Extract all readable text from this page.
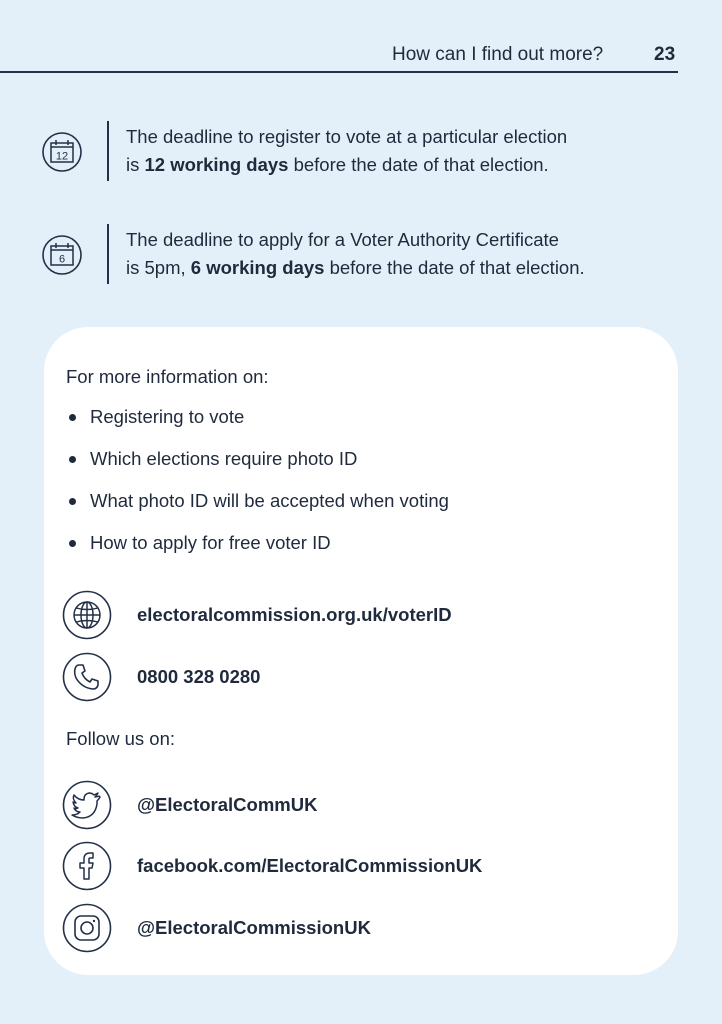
How can I find out more?	23
12
The deadline to register to vote at a particular election
is 12 working days before the date of that election.
6
The deadline to apply for a Voter Authority Certificate
is 5pm, 6 working days before the date of that election.
For more information on:
Registering to vote
Which elections require photo ID
What photo ID will be accepted when voting
How to apply for free voter ID
electoralcommission.org.uk/voterID
0800 328 0280
Follow us on:
@ElectoralCommUK
facebook.com/ElectoralCommissionUK
@ElectoralCommissionUK
